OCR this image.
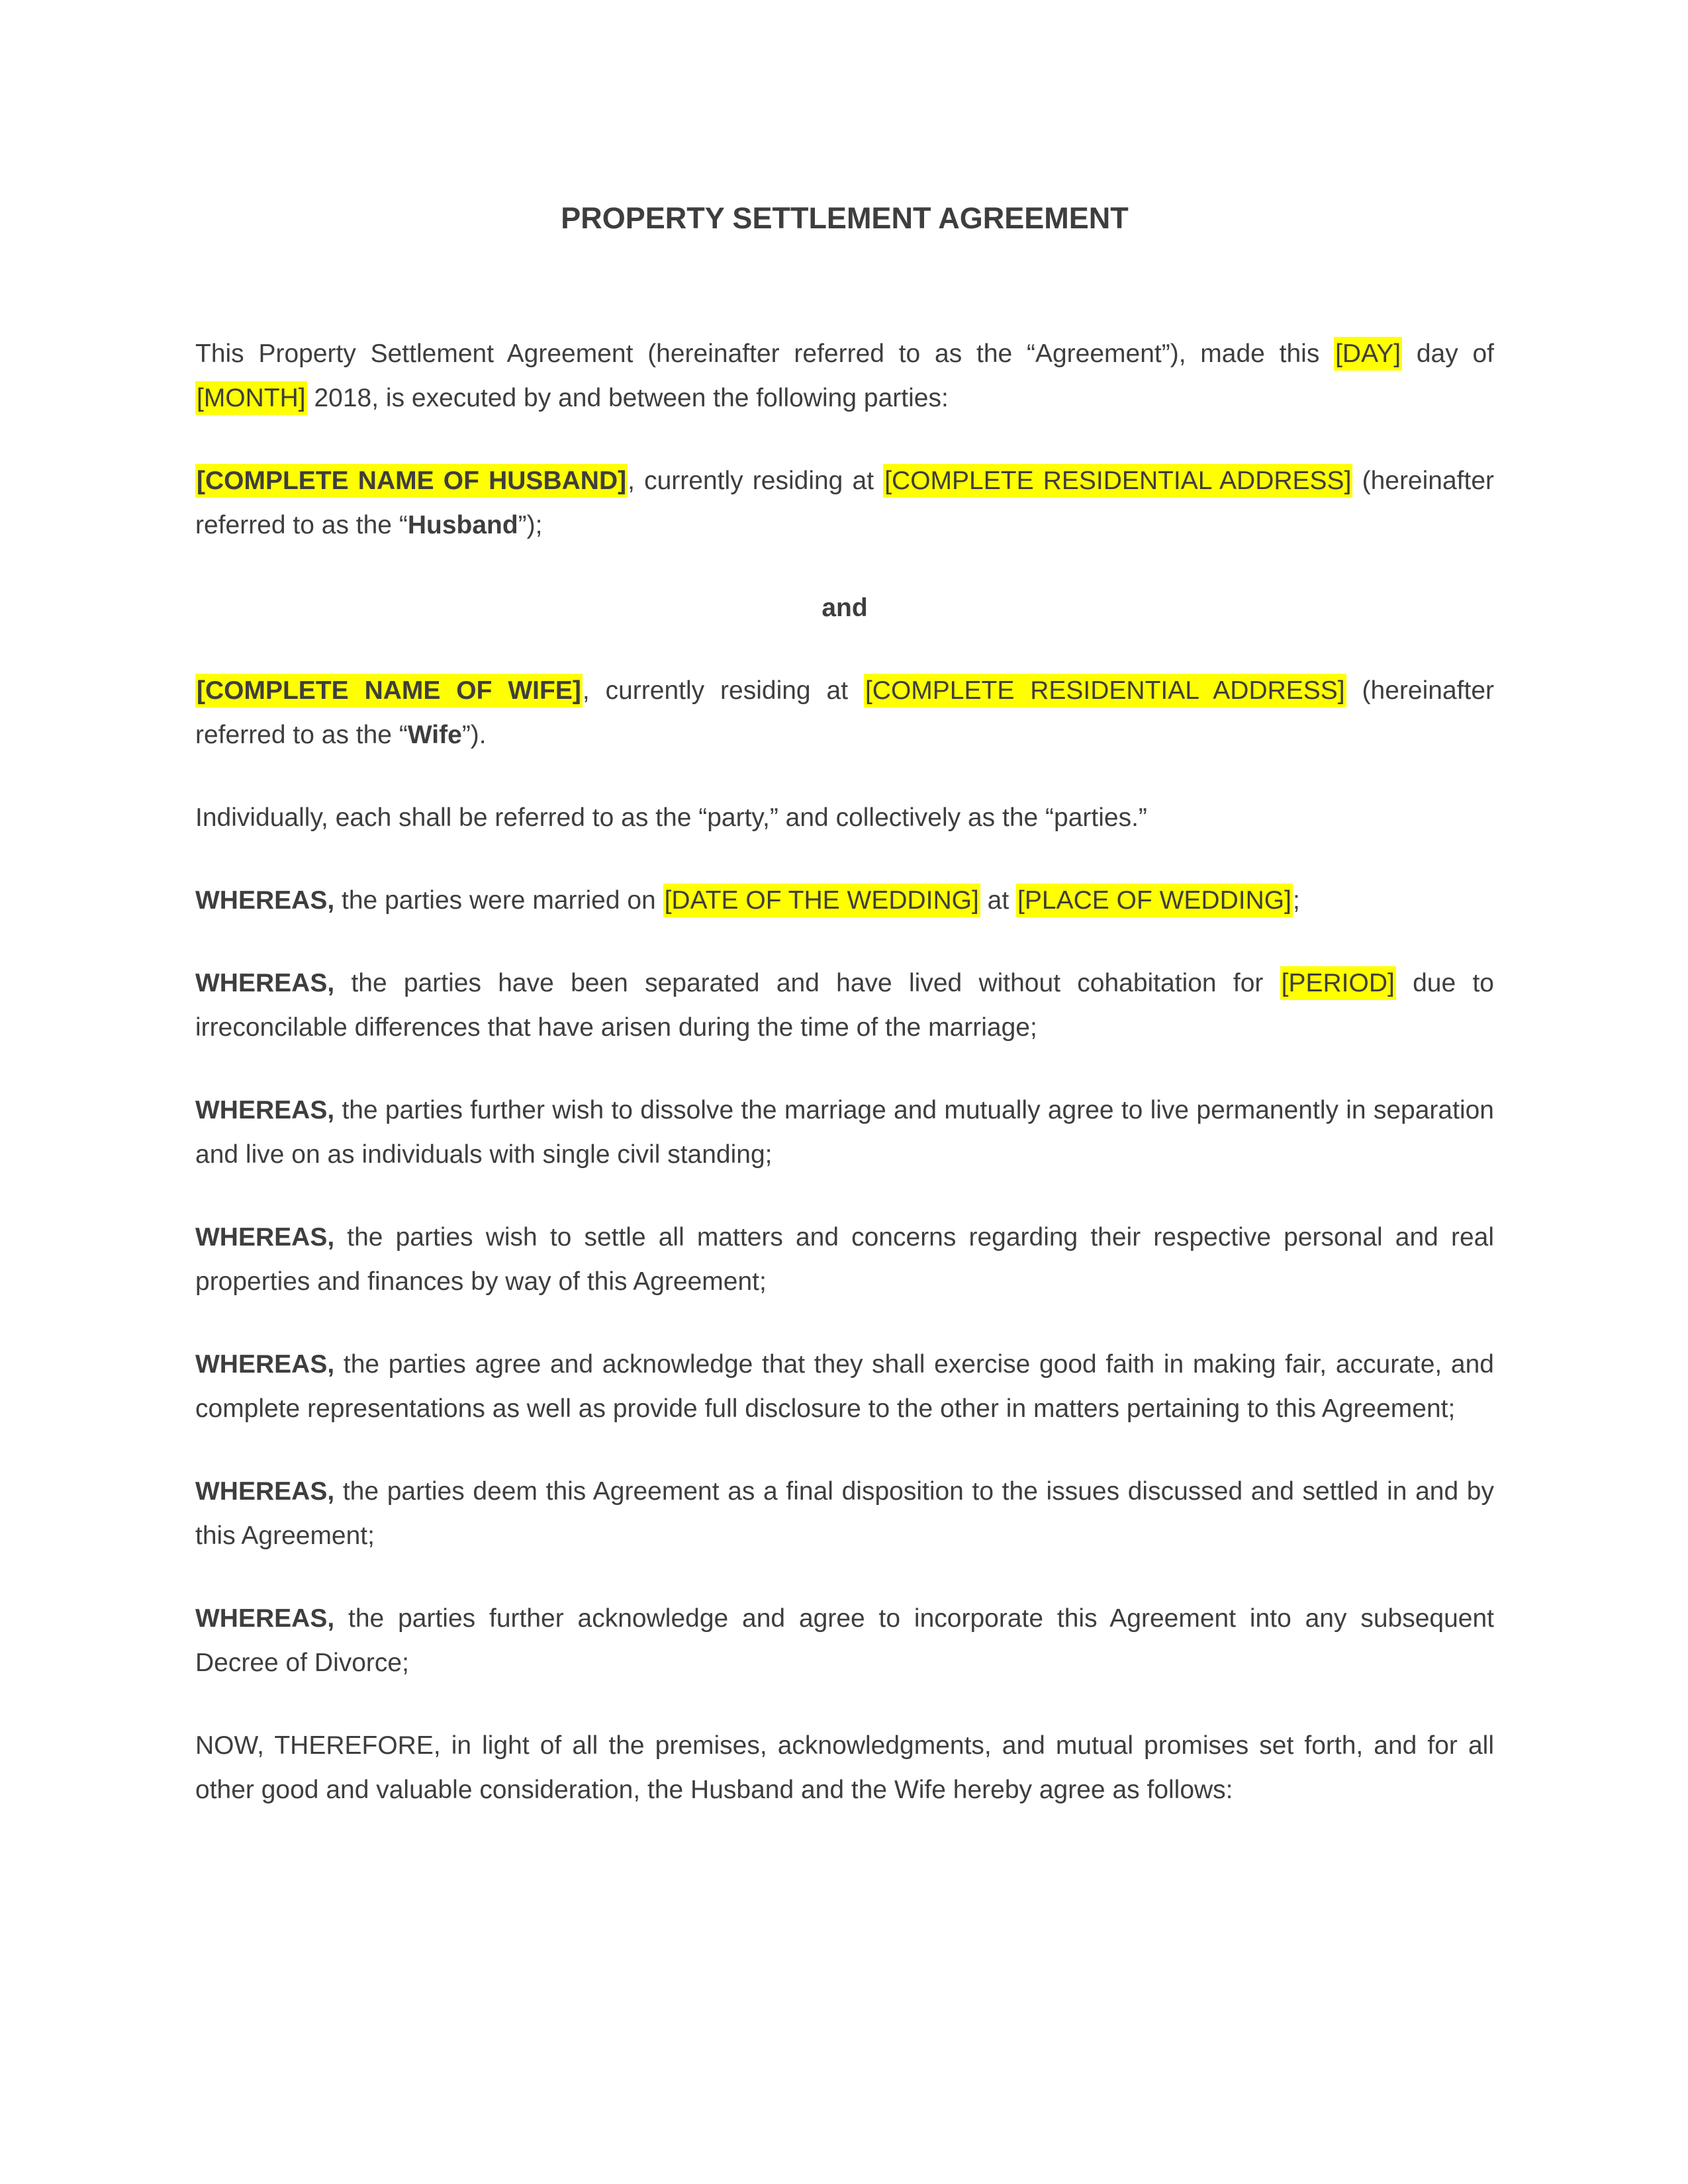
PROPERTY SETTLEMENT AGREEMENT

This Property Settlement Agreement (hereinafter referred to as the “Agreement”), made this [DAY] day of [MONTH] 2018, is executed by and between the following parties:

[COMPLETE NAME OF HUSBAND], currently residing at [COMPLETE RESIDENTIAL ADDRESS] (hereinafter referred to as the “Husband”);

and

[COMPLETE NAME OF WIFE], currently residing at [COMPLETE RESIDENTIAL ADDRESS] (hereinafter referred to as the “Wife”).

Individually, each shall be referred to as the “party,” and collectively as the “parties.”

WHEREAS, the parties were married on [DATE OF THE WEDDING] at [PLACE OF WEDDING];

WHEREAS, the parties have been separated and have lived without cohabitation for [PERIOD] due to irreconcilable differences that have arisen during the time of the marriage;

WHEREAS, the parties further wish to dissolve the marriage and mutually agree to live permanently in separation and live on as individuals with single civil standing;

WHEREAS, the parties wish to settle all matters and concerns regarding their respective personal and real properties and finances by way of this Agreement;

WHEREAS, the parties agree and acknowledge that they shall exercise good faith in making fair, accurate, and complete representations as well as provide full disclosure to the other in matters pertaining to this Agreement;

WHEREAS, the parties deem this Agreement as a final disposition to the issues discussed and settled in and by this Agreement;

WHEREAS, the parties further acknowledge and agree to incorporate this Agreement into any subsequent Decree of Divorce;

NOW, THEREFORE, in light of all the premises, acknowledgments, and mutual promises set forth, and for all other good and valuable consideration, the Husband and the Wife hereby agree as follows:
